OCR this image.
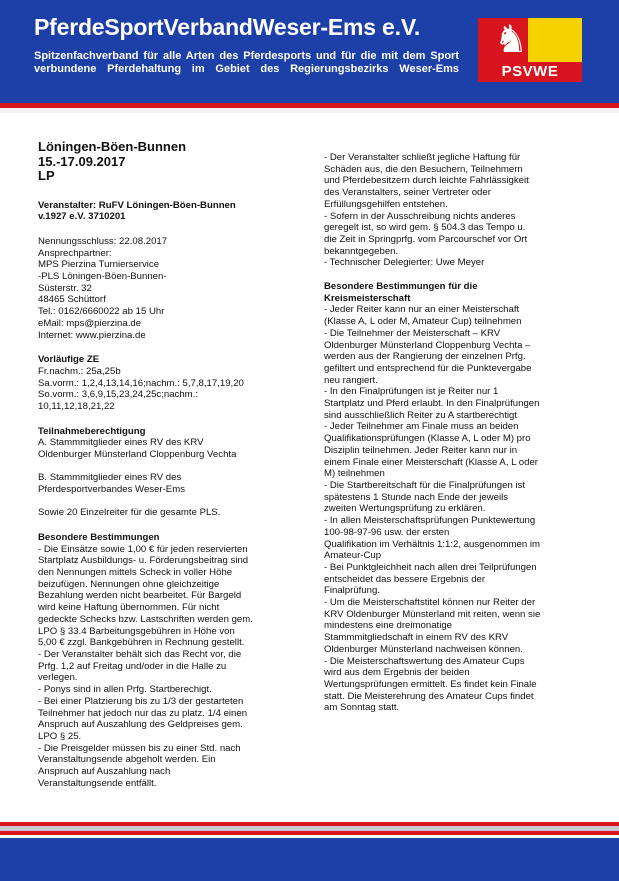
PferdeSportVerbandWeser-Ems e.V.
Spitzenfachverband für alle Arten des Pferdesports und für die mit dem Sport
verbundene Pferdehaltung im Gebiet des Regierungsbezirks Weser-Ems
♞
PSVWE
Löningen-Böen-Bunnen
15.-17.09.2017
LP
Veranstalter: RuFV Löningen-Böen-Bunnen
v.1927 e.V. 3710201
Nennungsschluss: 22.08.2017
Ansprechpartner:
MPS Pierzina Turnierservice
-PLS Löningen-Böen-Bunnen-
Süsterstr. 32
48465 Schüttorf
Tel.: 0162/6660022 ab 15 Uhr
eMail: mps@pierzina.de
Internet: www.pierzina.de
Vorläufige ZE
Fr.nachm.: 25a,25b
Sa.vorm.: 1,2,4,13,14,16;nachm.: 5,7,8,17,19,20
So.vorm.: 3,6,9,15,23,24,25c;nachm.:
10,11,12,18,21,22
Teilnahmeberechtigung
A. Stammmitglieder eines RV des KRV
Oldenburger Münsterland Cloppenburg Vechta
B. Stammmitglieder eines RV des
Pferdesportverbandes Weser-Ems
Sowie 20 Einzelreiter für die gesamte PLS.
Besondere Bestimmungen
- Die Einsätze sowie 1,00 € für jeden reservierten
Startplatz Ausbildungs- u. Förderungsbeitrag sind
den Nennungen mittels Scheck in voller Höhe
beizufügen. Nennungen ohne gleichzeitige
Bezahlung werden nicht bearbeitet. Für Bargeld
wird keine Haftung übernommen. Für nicht
gedeckte Schecks bzw. Lastschriften werden gem.
LPO § 33.4 Barbeitungsgebühren in Höhe von
5,00 € zzgl. Bankgebühren in Rechnung gestellt.
- Der Veranstalter behält sich das Recht vor, die
Prfg. 1,2 auf Freitag und/oder in die Halle zu
verlegen.
- Ponys sind in allen Prfg. Startberechigt.
- Bei einer Platzierung bis zu 1/3 der gestarteten
Teilnehmer hat jedoch nur das zu platz. 1/4 einen
Anspruch auf Auszahlung des Geldpreises gem.
LPO § 25.
- Die Preisgelder müssen bis zu einer Std. nach
Veranstaltungsende abgeholt werden. Ein
Anspruch auf Auszahlung nach
Veranstaltungsende entfällt.
- Der Veranstalter schließt jegliche Haftung für
Schäden aus, die den Besuchern, Teilnehmern
und Pferdebesitzern durch leichte Fahrlässigkeit
des Veranstalters, seiner Vertreter oder
Erfüllungsgehilfen entstehen.
- Sofern in der Ausschreibung nichts anderes
geregelt ist, so wird gem. § 504.3 das Tempo u.
die Zeit in Springprfg. vom Parcourschef vor Ort
bekanntgegeben.
- Technischer Delegierter: Uwe Meyer
Besondere Bestimmungen für die
Kreismeisterschaft
- Jeder Reiter kann nur an einer Meisterschaft
(Klasse A, L oder M, Amateur Cup) teilnehmen
- Die Teilnehmer der Meisterschaft – KRV
Oldenburger Münsterland Cloppenburg Vechta –
werden aus der Rangierung der einzelnen Prfg.
gefiltert und entsprechend für die Punktevergabe
neu rangiert.
- In den Finalprüfungen ist je Reiter nur 1
Startplatz und Pferd erlaubt. In den Finalprüfungen
sind ausschließlich Reiter zu A startberechtigt
- Jeder Teilnehmer am Finale muss an beiden
Qualifikationsprüfungen (Klasse A, L oder M) pro
Disziplin teilnehmen. Jeder Reiter kann nur in
einem Finale einer Meisterschaft (Klasse A, L oder
M) teilnehmen
- Die Startbereitschaft für die Finalprüfungen ist
spätestens 1 Stunde nach Ende der jeweils
zweiten Wertungsprüfung zu erklären.
- In allen Meisterschaftsprüfungen Punktewertung
100-98-97-96 usw. der ersten
Qualifikation im Verhältnis 1:1:2, ausgenommen im
Amateur-Cup
- Bei Punktgleichheit nach allen drei Teilprüfungen
entscheidet das bessere Ergebnis der
Finalprüfung.
- Um die Meisterschaftstitel können nur Reiter der
KRV Oldenburger Münsterland mit reiten, wenn sie
mindestens eine dreimonatige
Stammmitgliedschaft in einem RV des KRV
Oldenburger Münsterland nachweisen können.
- Die Meisterschaftswertung des Amateur Cups
wird aus dem Ergebnis der beiden
Wertungsprüfungen ermittelt. Es findet kein Finale
statt. Die Meisterehrung des Amateur Cups findet
am Sonntag statt.
